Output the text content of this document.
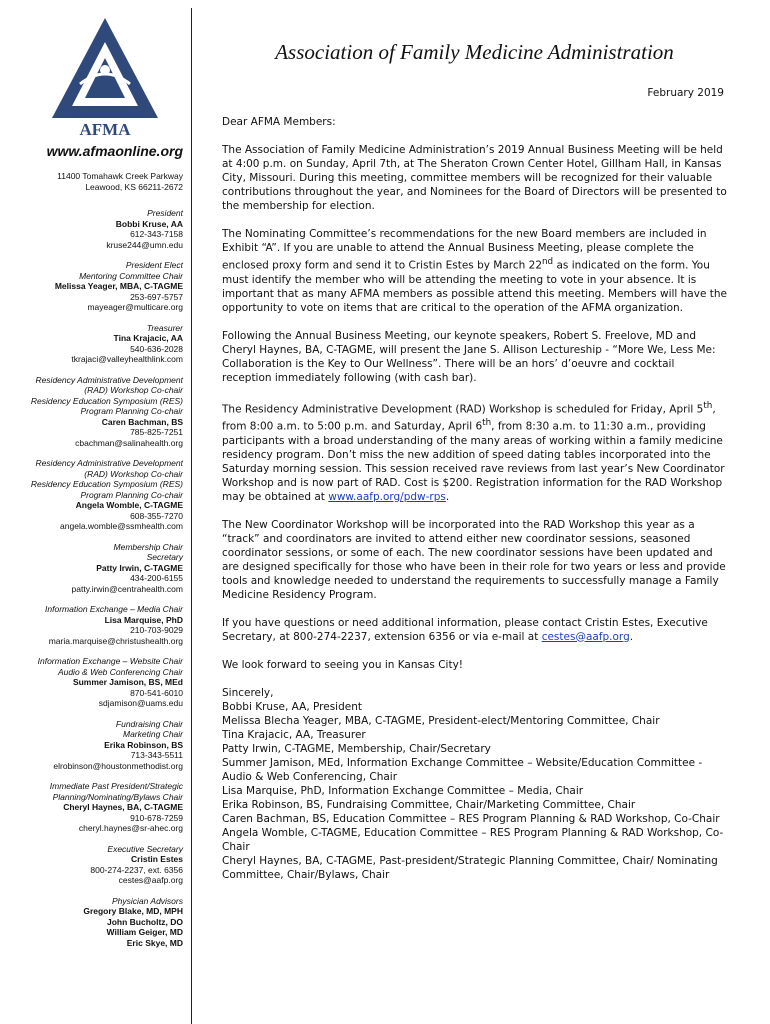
AFMA
www.afmaonline.org
11400 Tomahawk Creek Parkway
Leawood, KS 66211-2672
President
Bobbi Kruse, AA
612-343-7158
kruse244@umn.edu
President Elect
Mentoring Committee Chair
Melissa Yeager, MBA, C-TAGME
253-697-5757
mayeager@multicare.org
Treasurer
Tina Krajacic, AA
540-636-2028
tkrajaci@valleyhealthlink.com
Residency Administrative Development
(RAD) Workshop Co-chair
Residency Education Symposium (RES)
Program Planning Co-chair
Caren Bachman, BS
785-825-7251
cbachman@salinahealth.org
Residency Administrative Development
(RAD) Workshop Co-chair
Residency Education Symposium (RES)
Program Planning Co-chair
Angela Womble, C-TAGME
608-355-7270
angela.womble@ssmhealth.com
Membership Chair
Secretary
Patty Irwin, C-TAGME
434-200-6155
patty.irwin@centrahealth.com
Information Exchange – Media Chair
Lisa Marquise, PhD
210-703-9029
maria.marquise@christushealth.org
Information Exchange – Website Chair
Audio & Web Conferencing Chair
Summer Jamison, BS, MEd
870-541-6010
sdjamison@uams.edu
Fundraising Chair
Marketing Chair
Erika Robinson, BS
713-343-5511
elrobinson@houstonmethodist.org
Immediate Past President/Strategic
Planning/Nominating/Bylaws Chair
Cheryl Haynes, BA, C-TAGME
910-678-7259
cheryl.haynes@sr-ahec.org
Executive Secretary
Cristin Estes
800-274-2237, ext. 6356
cestes@aafp.org
Physician Advisors
Gregory Blake, MD, MPH
John Bucholtz, DO
William Geiger, MD
Eric Skye, MD
Association of Family Medicine Administration
February 2019
Dear AFMA Members:

The Association of Family Medicine Administration’s 2019 Annual Business Meeting will be held at 4:00 p.m. on Sunday, April 7th, at The Sheraton Crown Center Hotel, Gillham Hall, in Kansas City, Missouri. During this meeting, committee members will be recognized for their valuable contributions throughout the year, and Nominees for the Board of Directors will be presented to the membership for election.

The Nominating Committee’s recommendations for the new Board members are included in Exhibit “A”. If you are unable to attend the Annual Business Meeting, please complete the enclosed proxy form and send it to Cristin Estes by March 22nd as indicated on the form. You must identify the member who will be attending the meeting to vote in your absence. It is important that as many AFMA members as possible attend this meeting. Members will have the opportunity to vote on items that are critical to the operation of the AFMA organization.

Following the Annual Business Meeting, our keynote speakers, Robert S. Freelove, MD and Cheryl Haynes, BA, C-TAGME, will present the Jane S. Allison Lectureship - “More We, Less Me: Collaboration is the Key to Our Wellness”. There will be an hors’ d’oeuvre and cocktail reception immediately following (with cash bar).

The Residency Administrative Development (RAD) Workshop is scheduled for Friday, April 5th, from 8:00 a.m. to 5:00 p.m. and Saturday, April 6th, from 8:30 a.m. to 11:30 a.m., providing participants with a broad understanding of the many areas of working within a family medicine residency program. Don’t miss the new addition of speed dating tables incorporated into the Saturday morning session. This session received rave reviews from last year’s New Coordinator Workshop and is now part of RAD. Cost is $200. Registration information for the RAD Workshop may be obtained at www.aafp.org/pdw-rps.

The New Coordinator Workshop will be incorporated into the RAD Workshop this year as a “track” and coordinators are invited to attend either new coordinator sessions, seasoned coordinator sessions, or some of each. The new coordinator sessions have been updated and are designed specifically for those who have been in their role for two years or less and provide tools and knowledge needed to understand the requirements to successfully manage a Family Medicine Residency Program.

If you have questions or need additional information, please contact Cristin Estes, Executive Secretary, at 800-274-2237, extension 6356 or via e-mail at cestes@aafp.org.

We look forward to seeing you in Kansas City!

Sincerely,
Bobbi Kruse, AA, President
Melissa Blecha Yeager, MBA, C-TAGME, President-elect/Mentoring Committee, Chair
Tina Krajacic, AA, Treasurer
Patty Irwin, C-TAGME, Membership, Chair/Secretary
Summer Jamison, MEd, Information Exchange Committee – Website/Education Committee - Audio & Web Conferencing, Chair
Lisa Marquise, PhD, Information Exchange Committee – Media, Chair
Erika Robinson, BS, Fundraising Committee, Chair/Marketing Committee, Chair
Caren Bachman, BS, Education Committee – RES Program Planning & RAD Workshop, Co-Chair
Angela Womble, C-TAGME, Education Committee – RES Program Planning & RAD Workshop, Co-Chair
Cheryl Haynes, BA, C-TAGME, Past-president/Strategic Planning Committee, Chair/ Nominating Committee, Chair/Bylaws, Chair
